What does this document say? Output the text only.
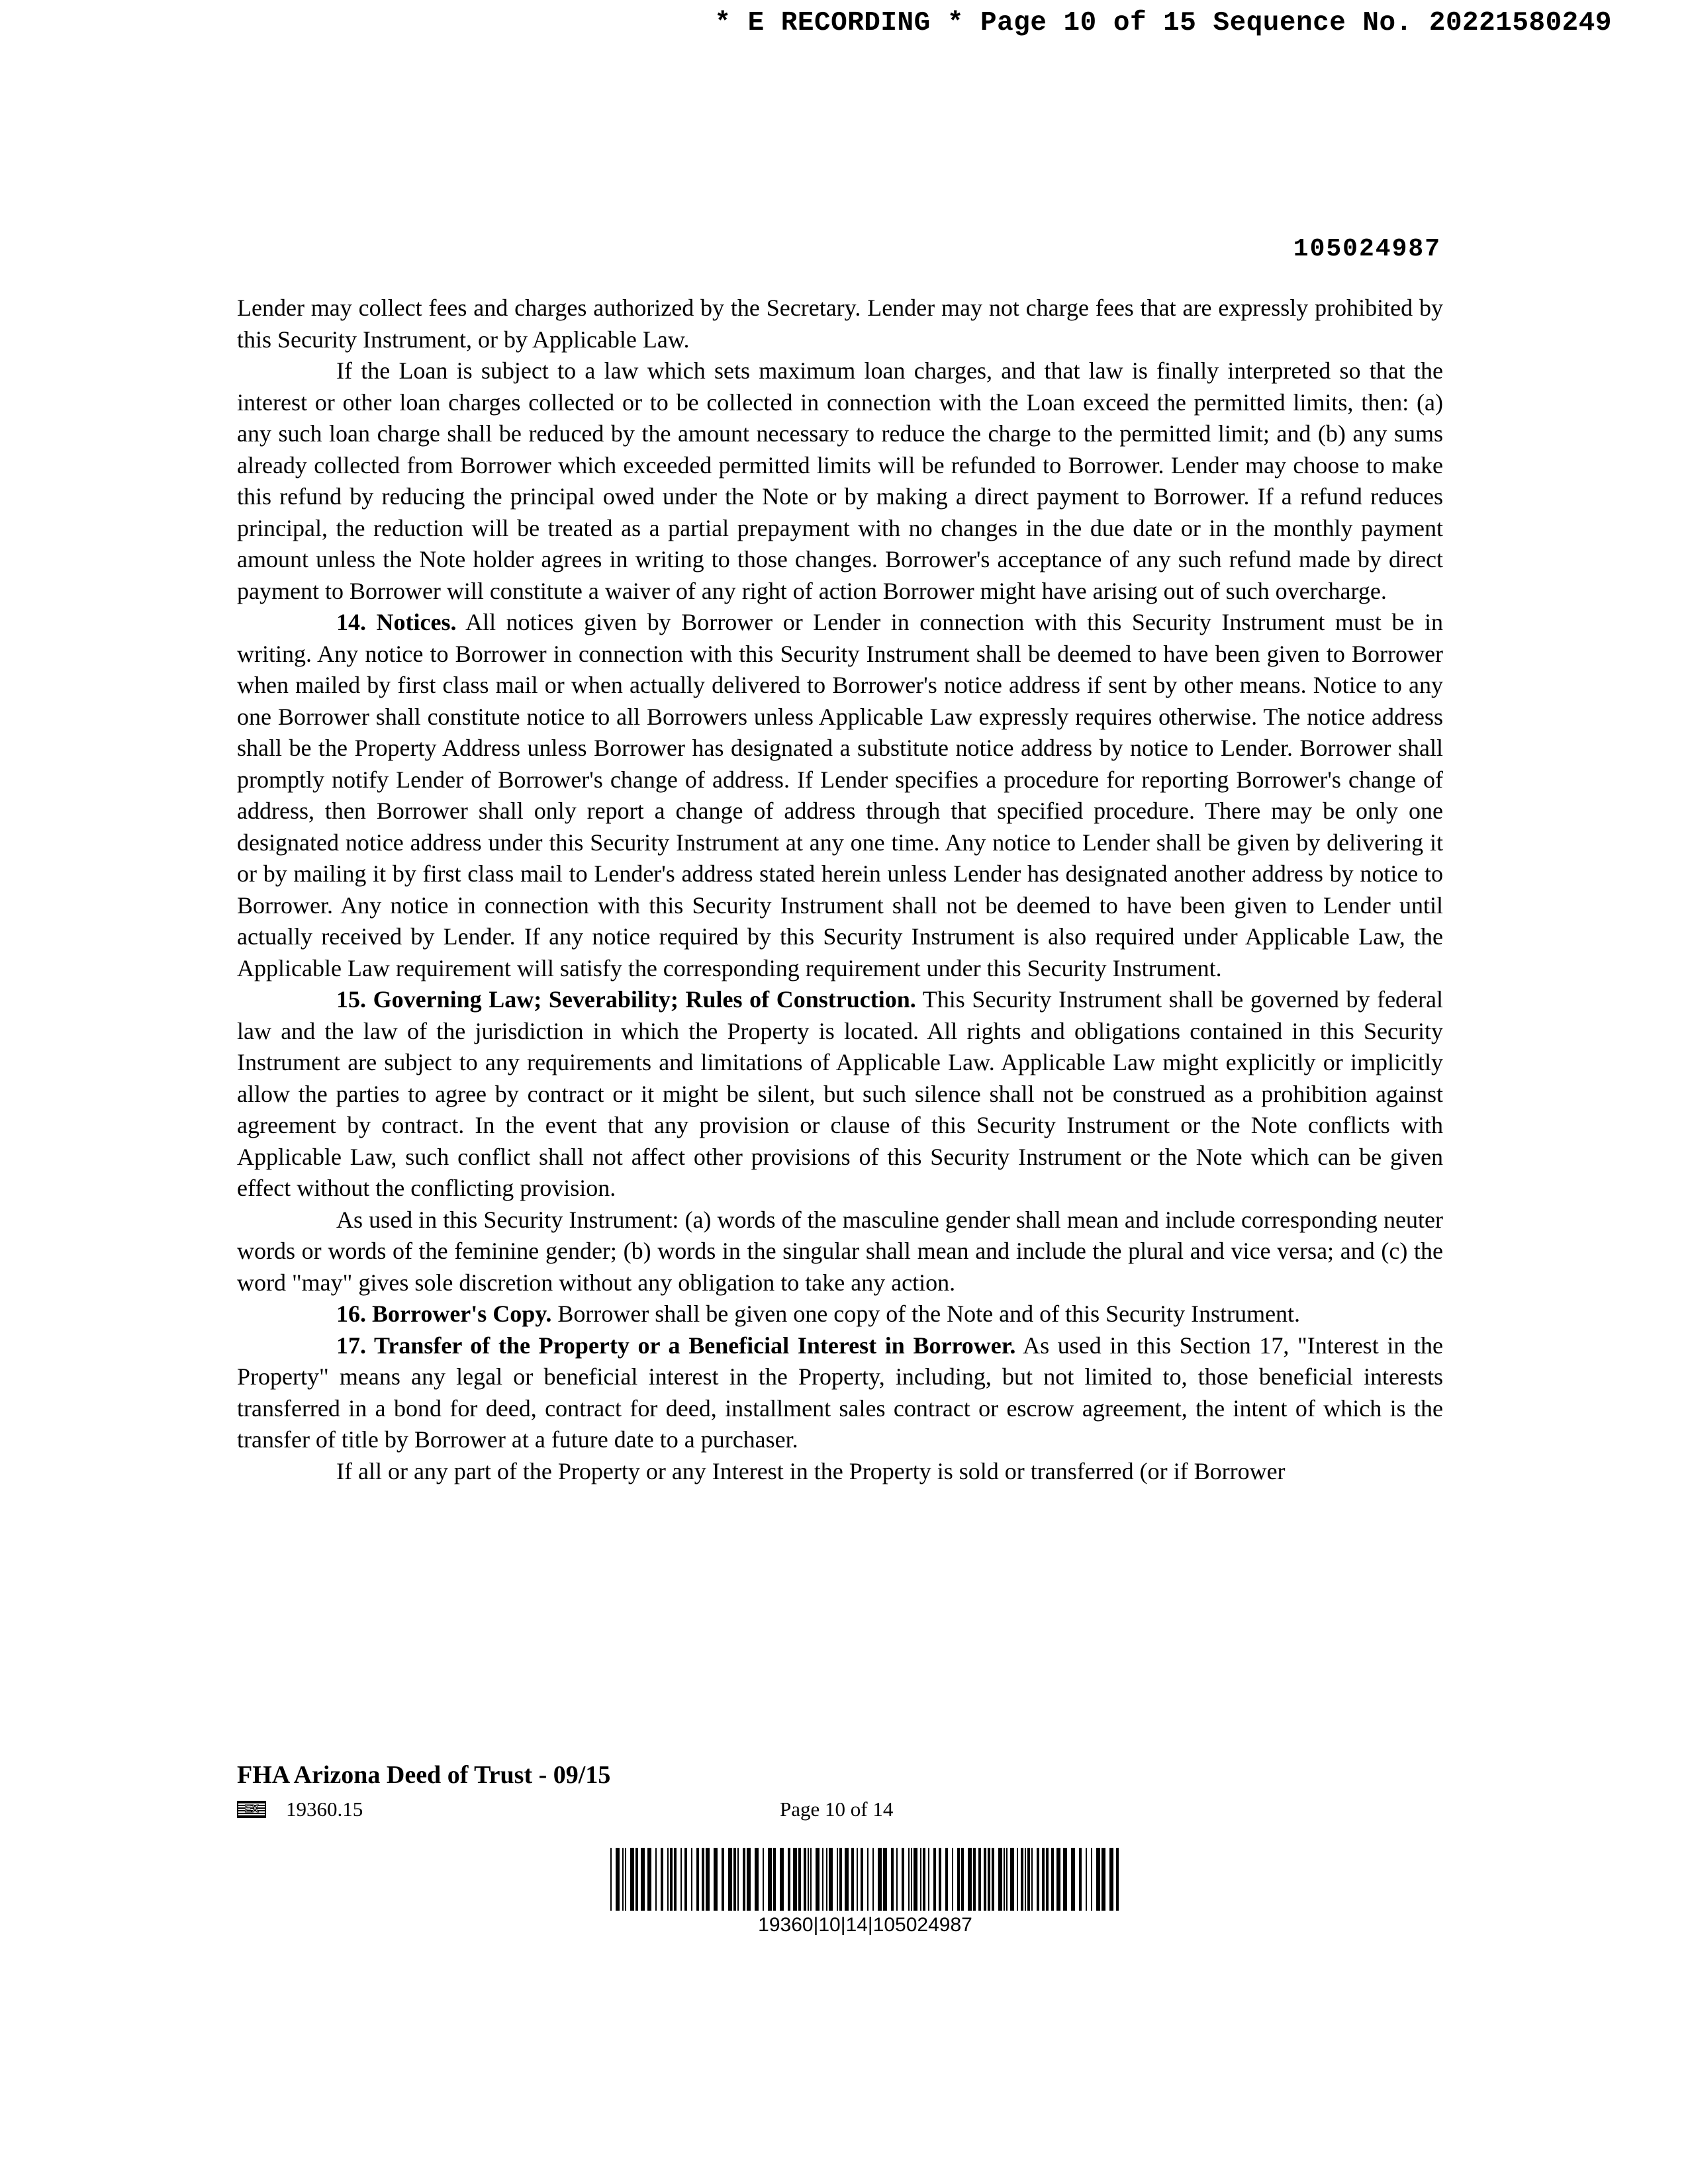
* E RECORDING * Page 10 of 15 Sequence No. 20221580249
105024987

Lender may collect fees and charges authorized by the Secretary. Lender may not charge fees that are expressly prohibited by this Security Instrument, or by Applicable Law.

If the Loan is subject to a law which sets maximum loan charges, and that law is finally interpreted so that the interest or other loan charges collected or to be collected in connection with the Loan exceed the permitted limits, then: (a) any such loan charge shall be reduced by the amount necessary to reduce the charge to the permitted limit; and (b) any sums already collected from Borrower which exceeded permitted limits will be refunded to Borrower. Lender may choose to make this refund by reducing the principal owed under the Note or by making a direct payment to Borrower. If a refund reduces principal, the reduction will be treated as a partial prepayment with no changes in the due date or in the monthly payment amount unless the Note holder agrees in writing to those changes. Borrower's acceptance of any such refund made by direct payment to Borrower will constitute a waiver of any right of action Borrower might have arising out of such overcharge.

14. Notices. All notices given by Borrower or Lender in connection with this Security Instrument must be in writing. Any notice to Borrower in connection with this Security Instrument shall be deemed to have been given to Borrower when mailed by first class mail or when actually delivered to Borrower's notice address if sent by other means. Notice to any one Borrower shall constitute notice to all Borrowers unless Applicable Law expressly requires otherwise. The notice address shall be the Property Address unless Borrower has designated a substitute notice address by notice to Lender. Borrower shall promptly notify Lender of Borrower's change of address. If Lender specifies a procedure for reporting Borrower's change of address, then Borrower shall only report a change of address through that specified procedure. There may be only one designated notice address under this Security Instrument at any one time. Any notice to Lender shall be given by delivering it or by mailing it by first class mail to Lender's address stated herein unless Lender has designated another address by notice to Borrower. Any notice in connection with this Security Instrument shall not be deemed to have been given to Lender until actually received by Lender. If any notice required by this Security Instrument is also required under Applicable Law, the Applicable Law requirement will satisfy the corresponding requirement under this Security Instrument.

15. Governing Law; Severability; Rules of Construction. This Security Instrument shall be governed by federal law and the law of the jurisdiction in which the Property is located. All rights and obligations contained in this Security Instrument are subject to any requirements and limitations of Applicable Law. Applicable Law might explicitly or implicitly allow the parties to agree by contract or it might be silent, but such silence shall not be construed as a prohibition against agreement by contract. In the event that any provision or clause of this Security Instrument or the Note conflicts with Applicable Law, such conflict shall not affect other provisions of this Security Instrument or the Note which can be given effect without the conflicting provision.

As used in this Security Instrument: (a) words of the masculine gender shall mean and include corresponding neuter words or words of the feminine gender; (b) words in the singular shall mean and include the plural and vice versa; and (c) the word "may" gives sole discretion without any obligation to take any action.

16. Borrower's Copy. Borrower shall be given one copy of the Note and of this Security Instrument.

17. Transfer of the Property or a Beneficial Interest in Borrower. As used in this Section 17, "Interest in the Property" means any legal or beneficial interest in the Property, including, but not limited to, those beneficial interests transferred in a bond for deed, contract for deed, installment sales contract or escrow agreement, the intent of which is the transfer of title by Borrower at a future date to a purchaser.

If all or any part of the Property or any Interest in the Property is sold or transferred (or if Borrower

FHA Arizona Deed of Trust - 09/15
EX	19360.15	Page 10 of 14
19360|10|14|105024987
